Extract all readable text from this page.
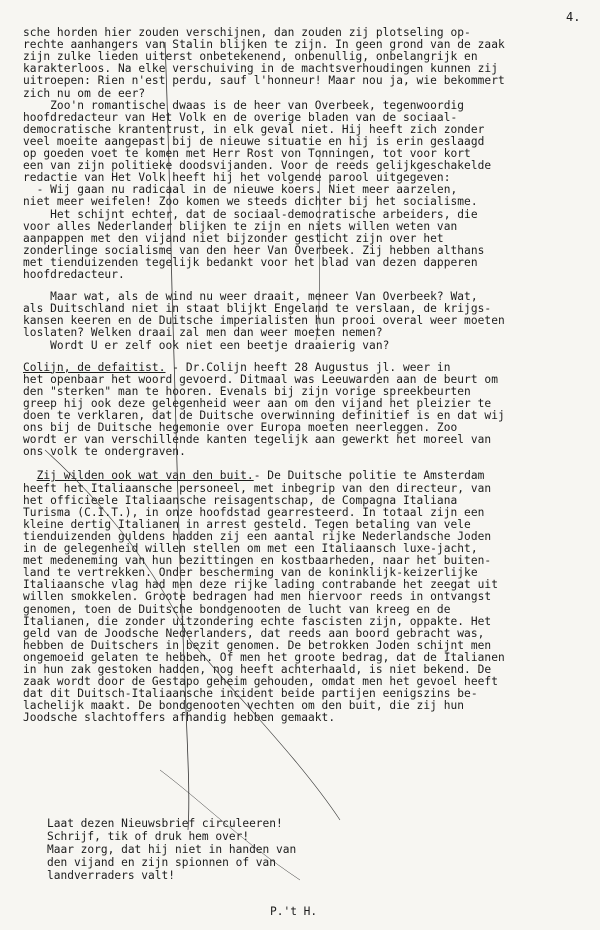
4.
sche horden hier zouden verschijnen, dan zouden zij plotseling op-
rechte aanhangers van Stalin blijken te zijn. In geen grond van de zaak
zijn zulke lieden uiterst onbetekenend, onbenullig, onbelangrijk en
karakterloos. Na elke verschuiving in de machtsverhoudingen kunnen zij
uitroepen: Rien n'est perdu, sauf l'honneur! Maar nou ja, wie bekommert
zich nu om de eer?
Zoo'n romantische dwaas is de heer van Overbeek, tegenwoordig
hoofdredacteur van Het Volk en de overige bladen van de sociaal-
democratische krantentrust, in elk geval niet. Hij heeft zich zonder
veel moeite aangepast bij de nieuwe situatie en hij is erin geslaagd
op goeden voet te komen met Herr Rost von Tonningen, tot voor kort
een van zijn politieke doodsvijanden. Voor de reeds gelijkgeschakelde
redactie van Het Volk heeft hij het volgende parool uitgegeven:
- Wij gaan nu radicaal in de nieuwe koers. Niet meer aarzelen,
niet meer weifelen! Zoo komen we steeds dichter bij het socialisme.
Het schijnt echter, dat de sociaal-democratische arbeiders, die
voor alles Nederlander blijken te zijn en niets willen weten van
aanpappen met den vijand niet bijzonder gesticht zijn over het
zonderlinge socialisme van den heer Van Overbeek. Zij hebben althans
met tienduizenden tegelijk bedankt voor het blad van dezen dapperen
hoofdredacteur.
Maar wat, als de wind nu weer draait, meneer Van Overbeek? Wat,
als Duitschland niet in staat blijkt Engeland te verslaan, de krijgs-
kansen keeren en de Duitsche imperialisten hun prooi overal weer moeten
loslaten? Welken draai zal men dan weer moeten nemen?
Wordt U er zelf ook niet een beetje draaierig van?
Colijn, de defaitist. - Dr.Colijn heeft 28 Augustus jl. weer in
het openbaar het woord gevoerd. Ditmaal was Leeuwarden aan de beurt om
den "sterken" man te hooren. Evenals bij zijn vorige spreekbeurten
greep hij ook deze gelegenheid weer aan om den vijand het pleizier te
doen te verklaren, dat de Duitsche overwinning definitief is en dat wij
ons bij de Duitsche hegemonie over Europa moeten neerleggen. Zoo
wordt er van verschillende kanten tegelijk aan gewerkt het moreel van
ons volk te ondergraven.
Zij wilden ook wat van den buit.- De Duitsche politie te Amsterdam
heeft het Italiaansche personeel, met inbegrip van den directeur, van
het officieele Italiaansche reisagentschap, de Compagna Italiana
Turisma (C.I.T.), in onze hoofdstad gearresteerd. In totaal zijn een
kleine dertig Italianen in arrest gesteld. Tegen betaling van vele
tienduizenden guldens hadden zij een aantal rijke Nederlandsche Joden
in de gelegenheid willen stellen om met een Italiaansch luxe-jacht,
met medeneming van hun bezittingen en kostbaarheden, naar het buiten-
land te vertrekken. Onder bescherming van de koninklijk-keizerlijke
Italiaansche vlag had men deze rijke lading contrabande het zeegat uit
willen smokkelen. Groote bedragen had men hiervoor reeds in ontvangst
genomen, toen de Duitsche bondgenooten de lucht van kreeg en de
Italianen, die zonder uitzondering echte fascisten zijn, oppakte. Het
geld van de Joodsche Nederlanders, dat reeds aan boord gebracht was,
hebben de Duitschers in bezit genomen. De betrokken Joden schijnt men
ongemoeid gelaten te hebben. Of men het groote bedrag, dat de Italianen
in hun zak gestoken hadden, nog heeft achterhaald, is niet bekend. De
zaak wordt door de Gestapo geheim gehouden, omdat men het gevoel heeft
dat dit Duitsch-Italiaansche incident beide partijen eenigszins be-
lachelijk maakt. De bondgenooten vechten om den buit, die zij hun
Joodsche slachtoffers afhandig hebben gemaakt.
Laat dezen Nieuwsbrief circuleeren!
Schrijf, tik of druk hem over!
Maar zorg, dat hij niet in handen van
den vijand en zijn spionnen of van
landverraders valt!
P.'t H.
